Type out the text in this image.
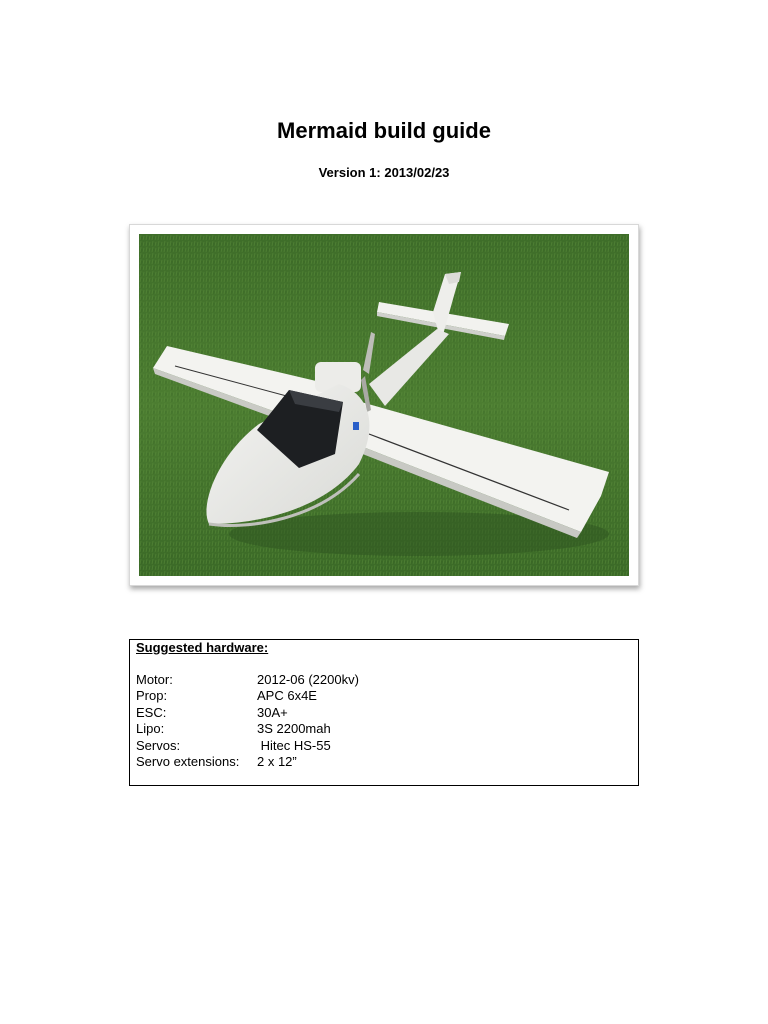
Mermaid build guide
Version 1: 2013/02/23
Suggested hardware:
Motor:	2012-06 (2200kv)
Prop:	APC 6x4E
ESC:	30A+
Lipo:	3S 2200mah
Servos:	Hitec HS-55
Servo extensions:	2 x 12”
